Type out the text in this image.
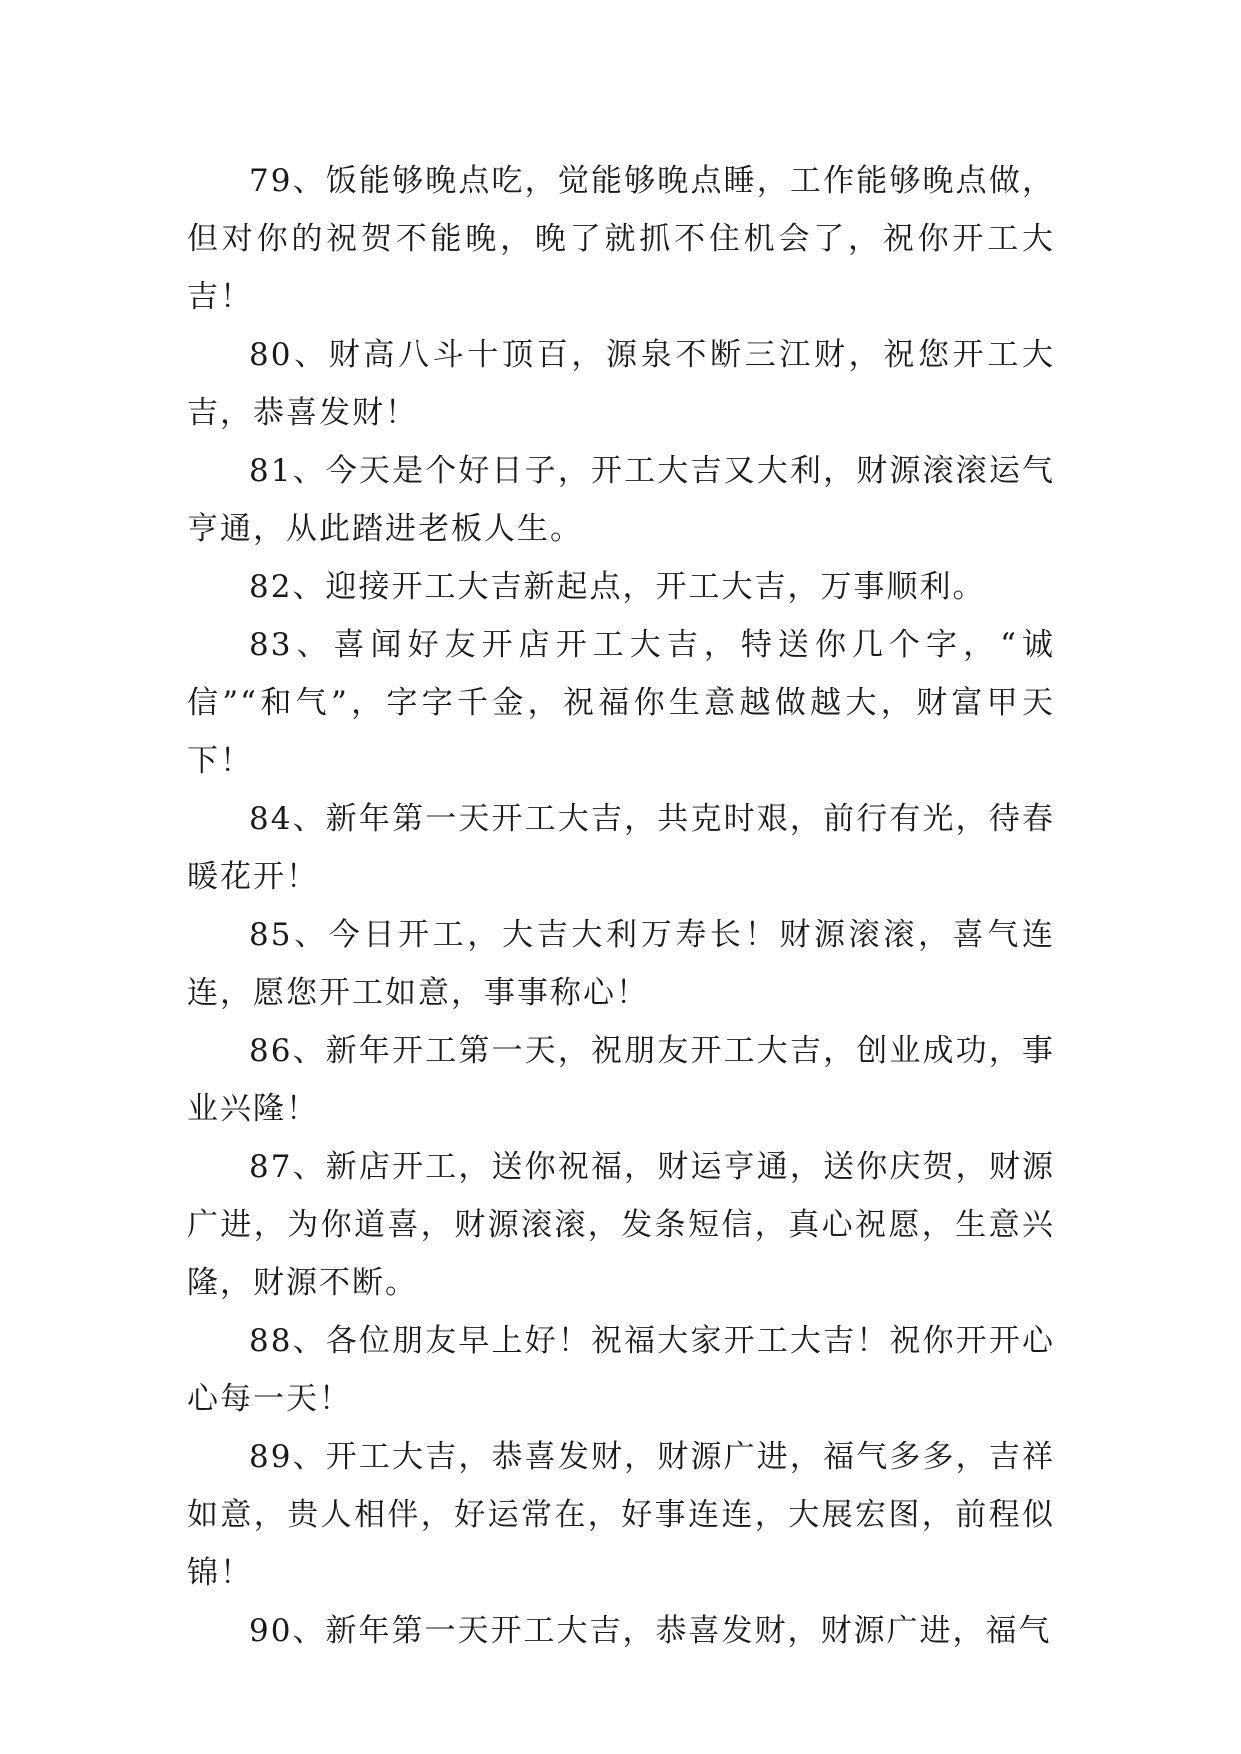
79、饭能够晚点吃，觉能够晚点睡，工作能够晚点做，但对你的祝贺不能晚，晚了就抓不住机会了，祝你开工大吉！

80、财高八斗十顶百，源泉不断三江财，祝您开工大吉，恭喜发财！

81、今天是个好日子，开工大吉又大利，财源滚滚运气亨通，从此踏进老板人生。

82、迎接开工大吉新起点，开工大吉，万事顺利。

83、喜闻好友开店开工大吉，特送你几个字，“诚信”“和气”，字字千金，祝福你生意越做越大，财富甲天下！

84、新年第一天开工大吉，共克时艰，前行有光，待春暖花开！

85、今日开工，大吉大利万寿长！财源滚滚，喜气连连，愿您开工如意，事事称心！

86、新年开工第一天，祝朋友开工大吉，创业成功，事业兴隆！

87、新店开工，送你祝福，财运亨通，送你庆贺，财源广进，为你道喜，财源滚滚，发条短信，真心祝愿，生意兴隆，财源不断。

88、各位朋友早上好！祝福大家开工大吉！祝你开开心心每一天！

89、开工大吉，恭喜发财，财源广进，福气多多，吉祥如意，贵人相伴，好运常在，好事连连，大展宏图，前程似锦！

90、新年第一天开工大吉，恭喜发财，财源广进，福气
